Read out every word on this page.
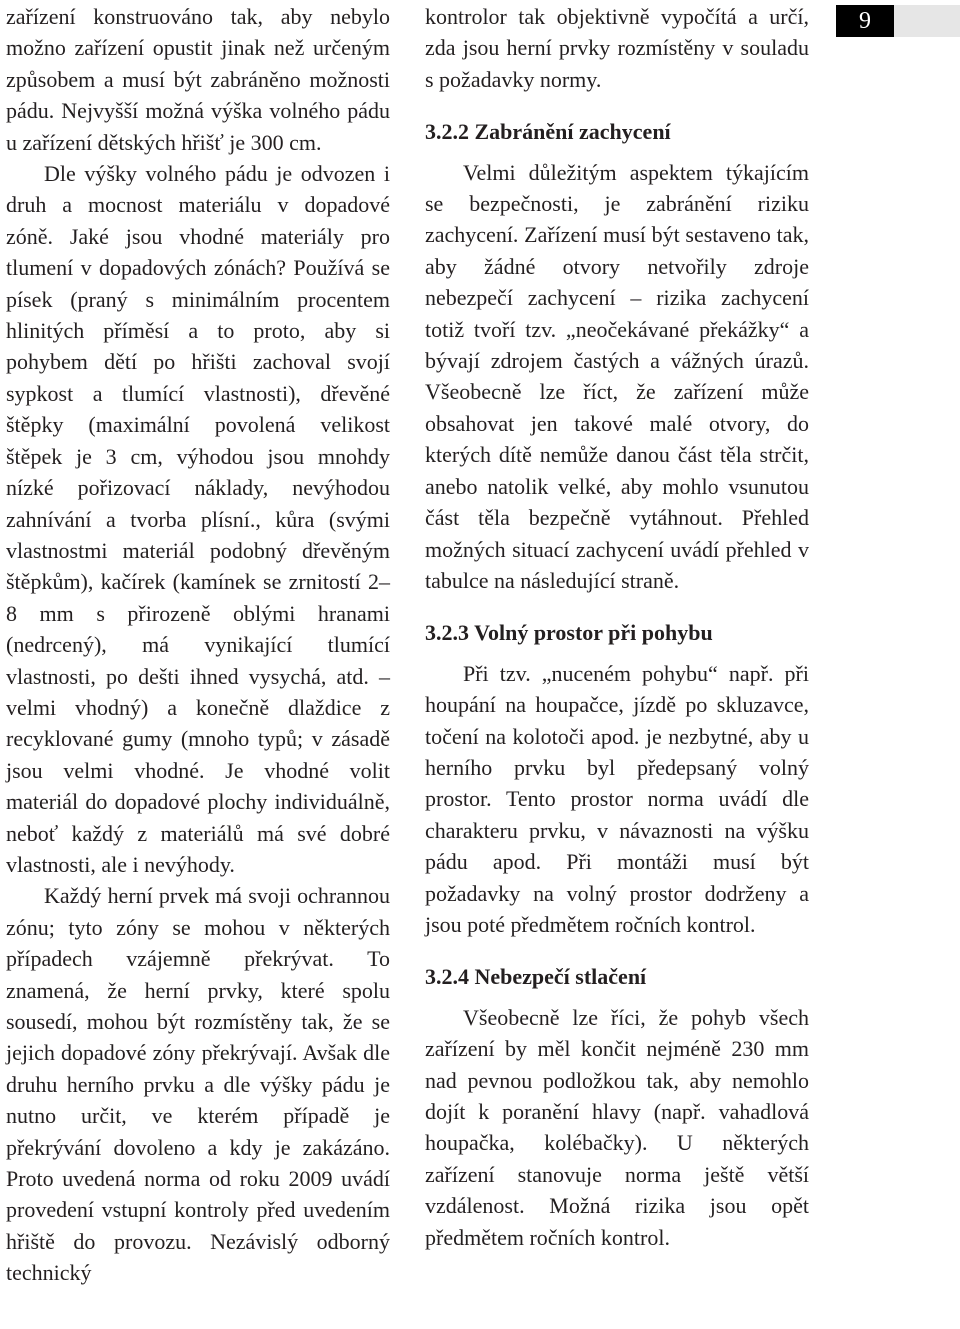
zařízení konstruováno tak, aby nebylo možno zařízení opustit jinak než určeným způsobem a musí být zabráněno možnosti pádu. Nejvyšší možná výška volného pádu u zařízení dětských hřišť je 300 cm.

Dle výšky volného pádu je odvozen i druh a mocnost materiálu v dopadové zóně. Jaké jsou vhodné materiály pro tlumení v dopadových zónách? Používá se písek (praný s minimálním procentem hlinitých příměsí a to proto, aby si pohybem dětí po hřišti zachoval svojí sypkost a tlumící vlastnosti), dřevěné štěpky (maximální povolená velikost štěpek je 3 cm, výhodou jsou mnohdy nízké pořizovací náklady, nevýhodou zahnívání a tvorba plísní., kůra (svými vlastnostmi materiál podobný dřevěným štěpkům), kačírek (kamínek se zrnitostí 2–8 mm s přirozeně oblými hranami (nedrcený), má vynikající tlumící vlastnosti, po dešti ihned vysychá, atd. – velmi vhodný) a konečně dlaždice z recyklované gumy (mnoho typů; v zásadě jsou velmi vhodné. Je vhodné volit materiál do dopadové plochy individuálně, neboť každý z materiálů má své dobré vlastnosti, ale i nevýhody.

Každý herní prvek má svoji ochrannou zónu; tyto zóny se mohou v některých případech vzájemně překrývat. To znamená, že herní prvky, které spolu sousedí, mohou být rozmístěny tak, že se jejich dopadové zóny překrývají. Avšak dle druhu herního prvku a dle výšky pádu je nutno určit, ve kterém případě je překrývání dovoleno a kdy je zakázáno. Proto uvedená norma od roku 2009 uvádí provedení vstupní kontroly před uvedením hřiště do provozu. Nezávislý odborný technický

kontrolor tak objektivně vypočítá a určí, zda jsou herní prvky rozmístěny v souladu s požadavky normy.

3.2.2 Zabránění zachycení

Velmi důležitým aspektem týkajícím se bezpečnosti, je zabránění riziku zachycení. Zařízení musí být sestaveno tak, aby žádné otvory netvořily zdroje nebezpečí zachycení – rizika zachycení totiž tvoří tzv. „neočekávané překážky“ a bývají zdrojem častých a vážných úrazů. Všeobecně lze říct, že zařízení může obsahovat jen takové malé otvory, do kterých dítě nemůže danou část těla strčit, anebo natolik velké, aby mohlo vsunutou část těla bezpečně vytáhnout. Přehled možných situací zachycení uvádí přehled v tabulce na následující straně.

3.2.3 Volný prostor při pohybu

Při tzv. „nuceném pohybu“ např. při houpání na houpačce, jízdě po skluzavce, točení na kolotoči apod. je nezbytné, aby u herního prvku byl předepsaný volný prostor. Tento prostor norma uvádí dle charakteru prvku, v návaznosti na výšku pádu apod. Při montáži musí být požadavky na volný prostor dodrženy a jsou poté předmětem ročních kontrol.

3.2.4 Nebezpečí stlačení

Všeobecně lze říci, že pohyb všech zařízení by měl končit nejméně 230 mm nad pevnou podložkou tak, aby nemohlo dojít k poranění hlavy (např. vahadlová houpačka, kolébačky). U některých zařízení stanovuje norma ještě větší vzdálenost. Možná rizika jsou opět předmětem ročních kontrol.

9
